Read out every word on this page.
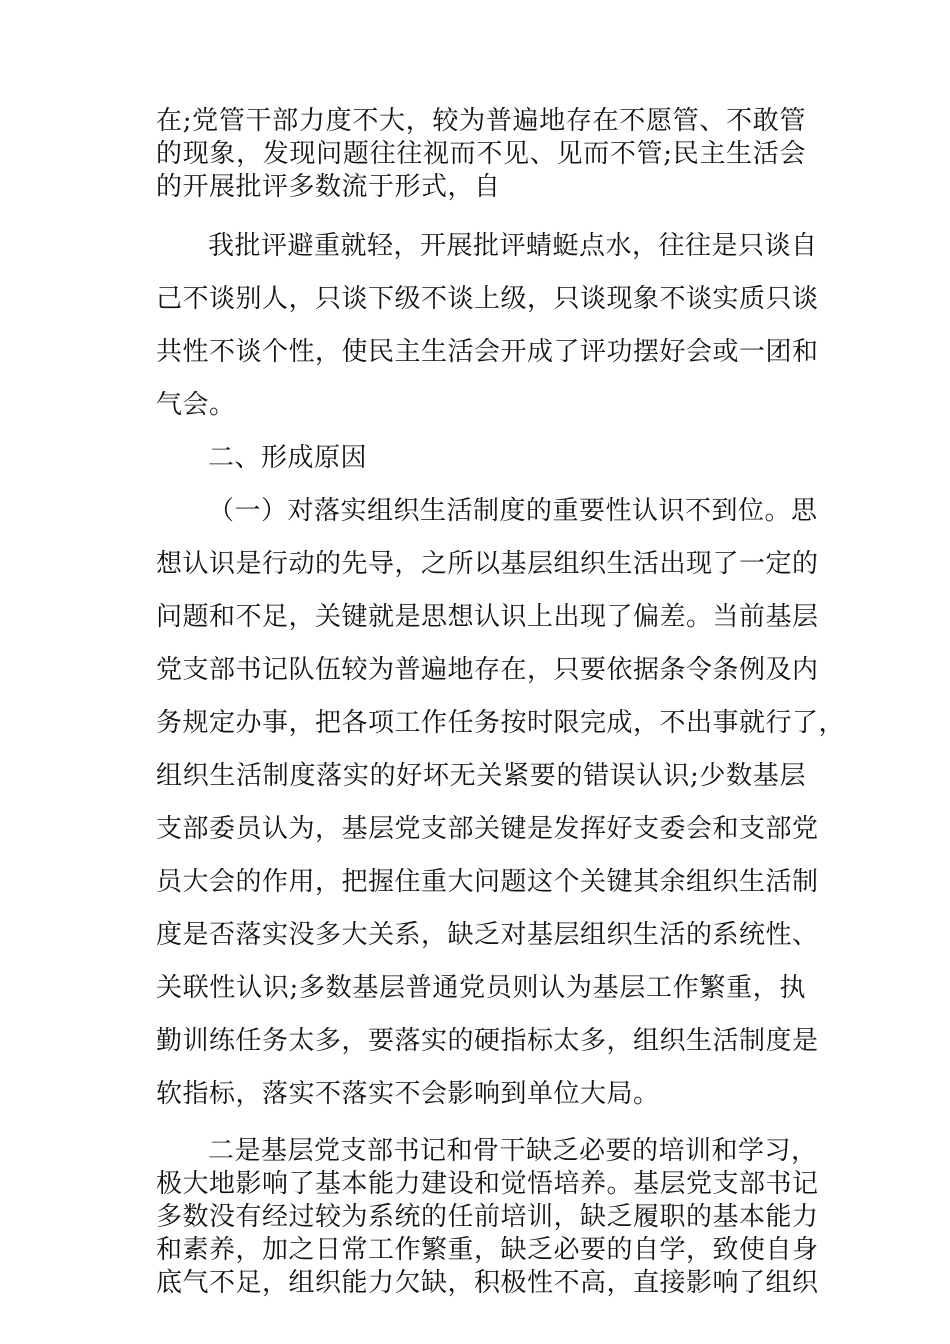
在;党管干部力度不大，较为普遍地存在不愿管、不敢管

的现象，发现问题往往视而不见、见而不管;民主生活会

的开展批评多数流于形式，自

我批评避重就轻，开展批评蜻蜓点水，往往是只谈自

己不谈别人，只谈下级不谈上级，只谈现象不谈实质只谈

共性不谈个性，使民主生活会开成了评功摆好会或一团和

气会。

二、形成原因

（一）对落实组织生活制度的重要性认识不到位。思

想认识是行动的先导，之所以基层组织生活出现了一定的

问题和不足，关键就是思想认识上出现了偏差。当前基层

党支部书记队伍较为普遍地存在，只要依据条令条例及内

务规定办事，把各项工作任务按时限完成，不出事就行了，

组织生活制度落实的好坏无关紧要的错误认识;少数基层

支部委员认为，基层党支部关键是发挥好支委会和支部党

员大会的作用，把握住重大问题这个关键其余组织生活制

度是否落实没多大关系，缺乏对基层组织生活的系统性、

关联性认识;多数基层普通党员则认为基层工作繁重，执

勤训练任务太多，要落实的硬指标太多，组织生活制度是

软指标，落实不落实不会影响到单位大局。

二是基层党支部书记和骨干缺乏必要的培训和学习，

极大地影响了基本能力建设和觉悟培养。基层党支部书记

多数没有经过较为系统的任前培训，缺乏履职的基本能力

和素养，加之日常工作繁重，缺乏必要的自学，致使自身

底气不足，组织能力欠缺，积极性不高，直接影响了组织
